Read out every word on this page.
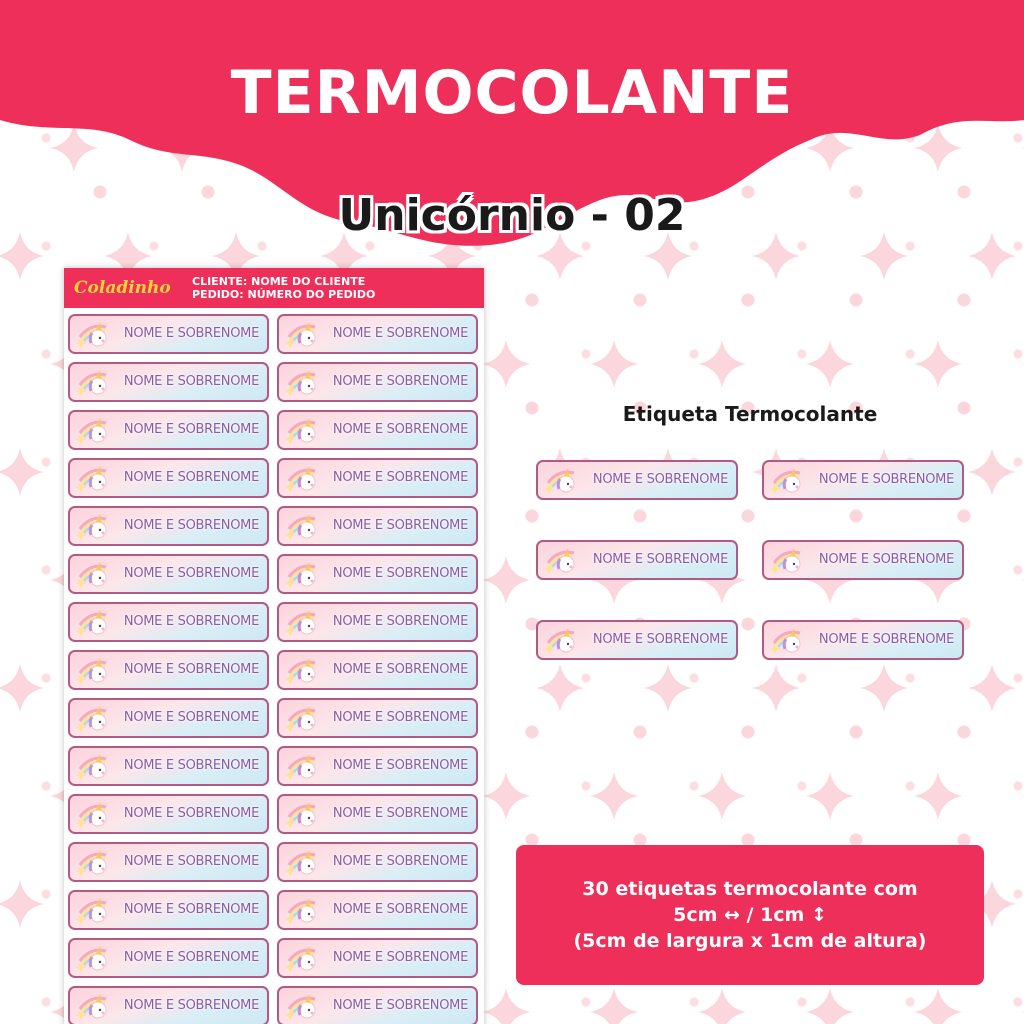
TERMOCOLANTE
Unicórnio - 02
Coladinho	CLIENTE: NOME DO CLIENTE
PEDIDO: NÚMERO DO PEDIDO
NOME E SOBRENOME	NOME E SOBRENOME
NOME E SOBRENOME	NOME E SOBRENOME
NOME E SOBRENOME	NOME E SOBRENOME
NOME E SOBRENOME	NOME E SOBRENOME
NOME E SOBRENOME	NOME E SOBRENOME
NOME E SOBRENOME	NOME E SOBRENOME
NOME E SOBRENOME	NOME E SOBRENOME
NOME E SOBRENOME	NOME E SOBRENOME
NOME E SOBRENOME	NOME E SOBRENOME
NOME E SOBRENOME	NOME E SOBRENOME
NOME E SOBRENOME	NOME E SOBRENOME
NOME E SOBRENOME	NOME E SOBRENOME
NOME E SOBRENOME	NOME E SOBRENOME
NOME E SOBRENOME	NOME E SOBRENOME
NOME E SOBRENOME	NOME E SOBRENOME
Etiqueta Termocolante
NOME E SOBRENOME	NOME E SOBRENOME
NOME E SOBRENOME	NOME E SOBRENOME
NOME E SOBRENOME	NOME E SOBRENOME
30 etiquetas termocolante com
5cm ↔ / 1cm ↕
(5cm de largura x 1cm de altura)
